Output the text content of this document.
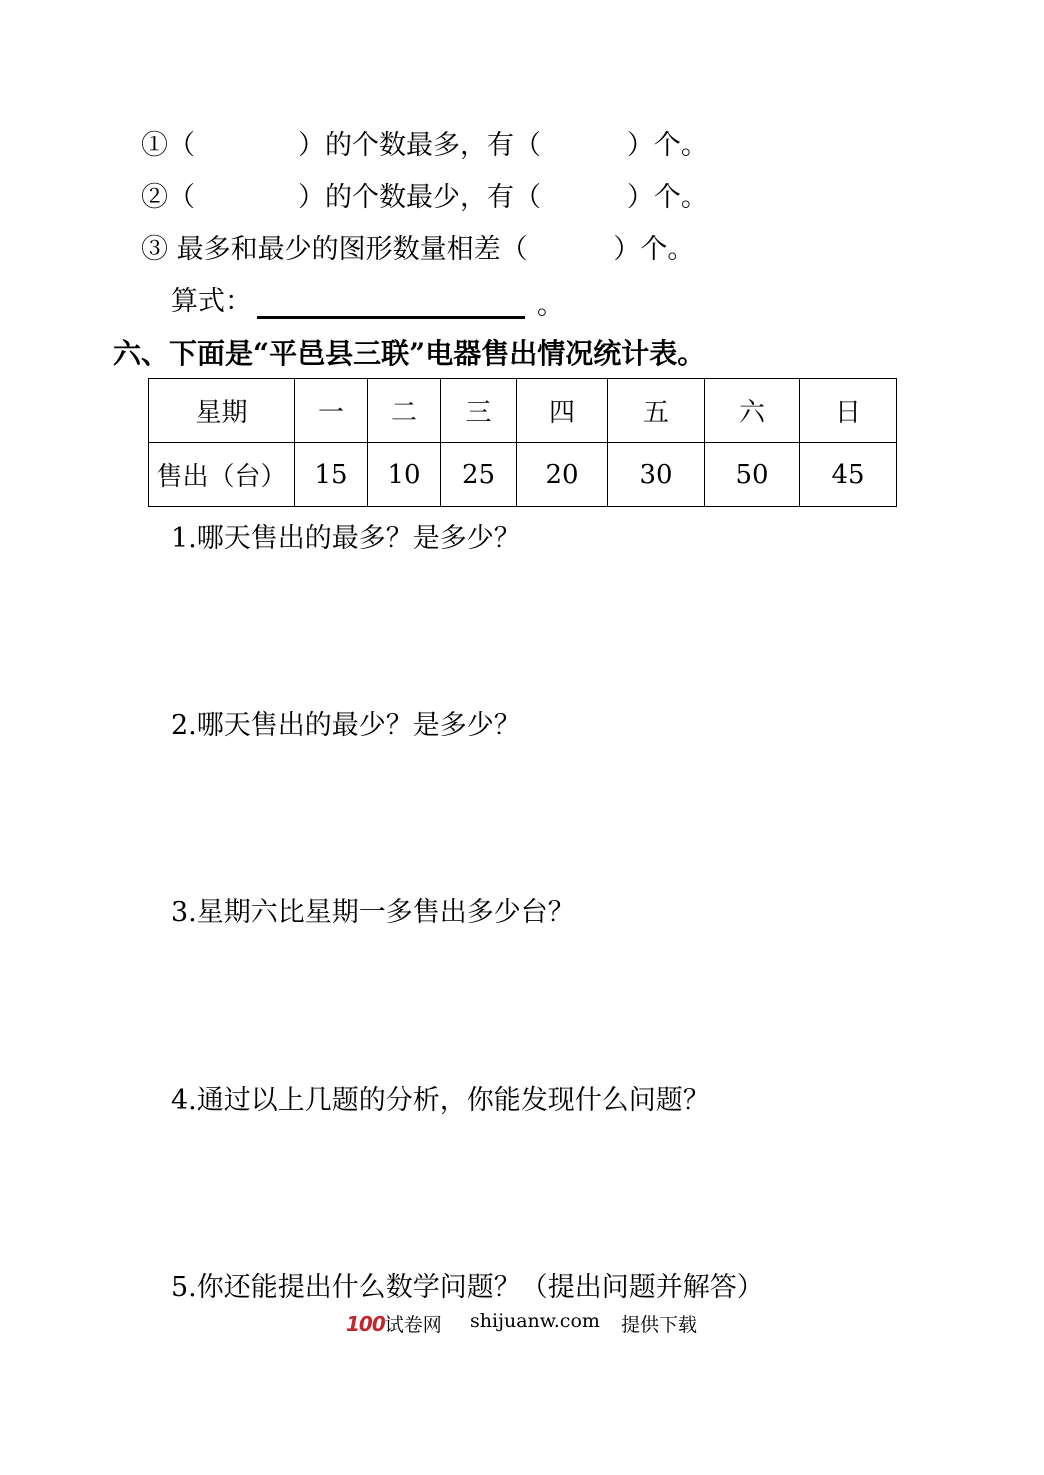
①（            ）的个数最多，有（          ）个。
②（            ）的个数最少，有（          ）个。
③ 最多和最少的图形数量相差（          ）个。
算式：	。
六、下面是“平邑县三联”电器售出情况统计表。
星期	一	二	三	四	五	六	日
售出（台）	15	10	25	20	30	50	45
1.哪天售出的最多？是多少？
2.哪天售出的最少？是多少？
3.星期六比星期一多售出多少台？
4.通过以上几题的分析，你能发现什么问题？
5.你还能提出什么数学问题？（提出问题并解答）
100试卷网 shijuanw.com 提供下载
